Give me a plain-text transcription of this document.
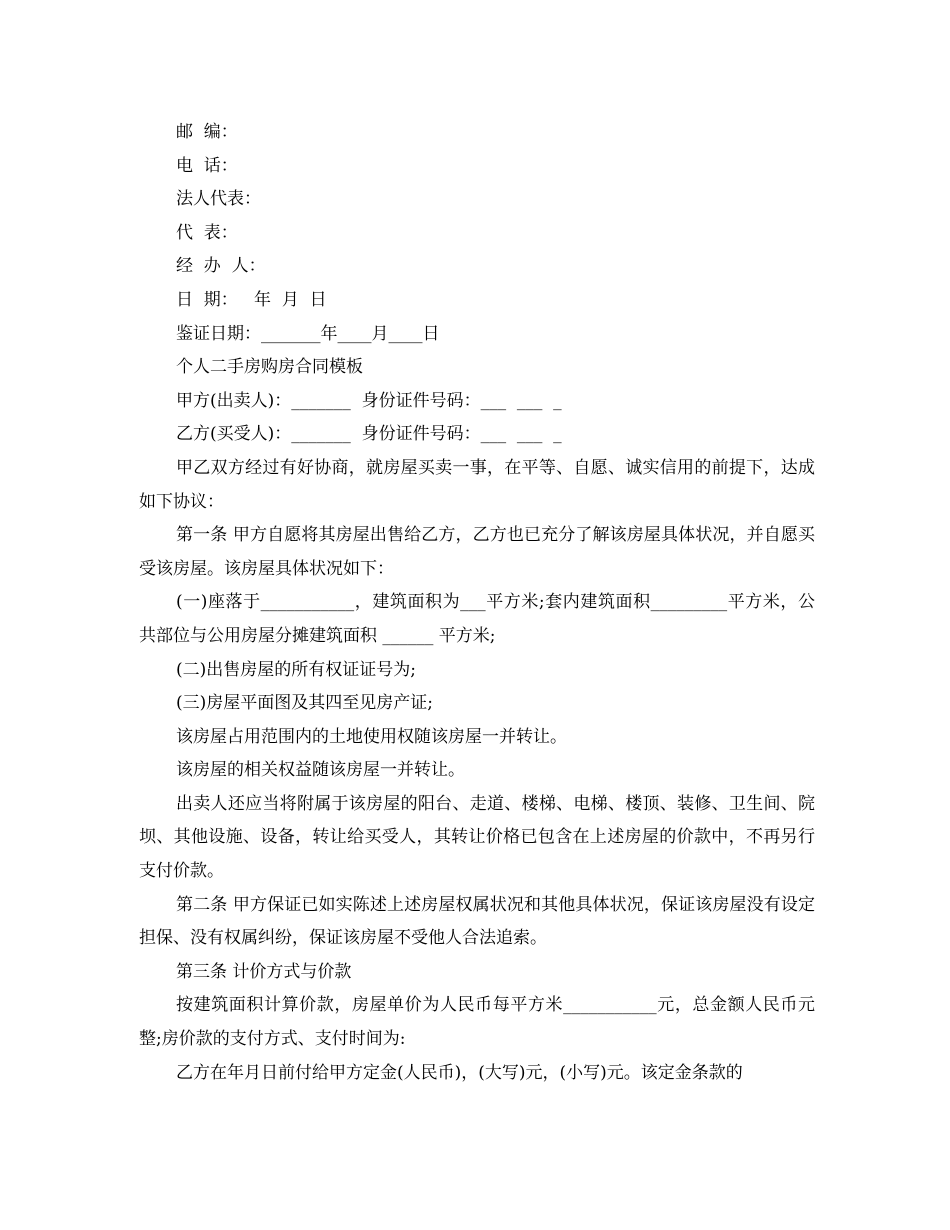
邮  编：

电  话：

法人代表：

代  表：

经  办  人：

日  期：   年  月  日

鉴证日期：_______年____月____日

个人二手房购房合同模板

甲方(出卖人)：_______  身份证件号码：___  ___  _

乙方(买受人)：_______  身份证件号码：___  ___  _

甲乙双方经过有好协商，就房屋买卖一事，在平等、自愿、诚实信用的前提下，达成如下协议：

第一条 甲方自愿将其房屋出售给乙方，乙方也已充分了解该房屋具体状况，并自愿买受该房屋。该房屋具体状况如下：

(一)座落于___________，建筑面积为___平方米;套内建筑面积_________平方米，公共部位与公用房屋分摊建筑面积 ______ 平方米;

(二)出售房屋的所有权证证号为;

(三)房屋平面图及其四至见房产证;

该房屋占用范围内的土地使用权随该房屋一并转让。

该房屋的相关权益随该房屋一并转让。

出卖人还应当将附属于该房屋的阳台、走道、楼梯、电梯、楼顶、装修、卫生间、院坝、其他设施、设备，转让给买受人，其转让价格已包含在上述房屋的价款中，不再另行支付价款。

第二条 甲方保证已如实陈述上述房屋权属状况和其他具体状况，保证该房屋没有设定担保、没有权属纠纷，保证该房屋不受他人合法追索。

第三条 计价方式与价款

按建筑面积计算价款，房屋单价为人民币每平方米___________元，总金额人民币元整;房价款的支付方式、支付时间为:

乙方在年月日前付给甲方定金(人民币)，(大写)元，(小写)元。该定金条款的
